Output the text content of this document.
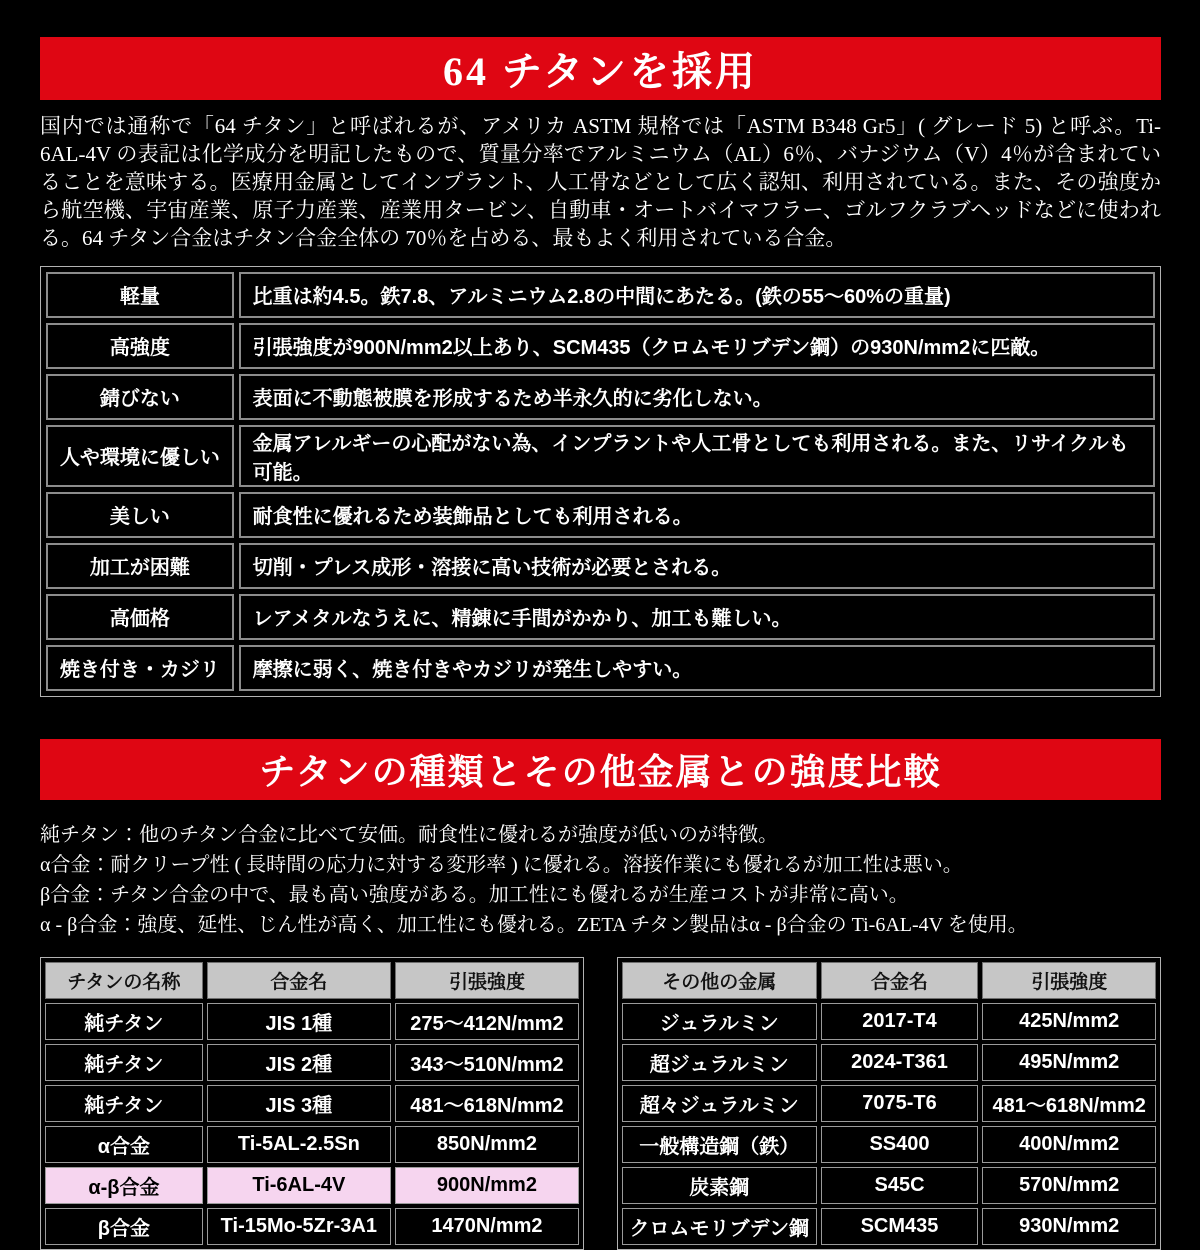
64 チタンを採用

国内では通称で「64 チタン」と呼ばれるが、アメリカ ASTM 規格では「ASTM B348 Gr5」( グレード 5) と呼ぶ。Ti-6AL-4V の表記は化学成分を明記したもので、質量分率でアルミニウム（AL）6％、バナジウム（V）4％が含まれていることを意味する。医療用金属としてインプラント、人工骨などとして広く認知、利用されている。また、その強度から航空機、宇宙産業、原子力産業、産業用タービン、自動車・オートバイマフラー、ゴルフクラブヘッドなどに使われる。64 チタン合金はチタン合金全体の 70％を占める、最もよく利用されている合金。

軽量	比重は約4.5。鉄7.8、アルミニウム2.8の中間にあたる。(鉄の55〜60%の重量)
高強度	引張強度が900N/mm2以上あり、SCM435（クロムモリブデン鋼）の930N/mm2に匹敵。
錆びない	表面に不動態被膜を形成するため半永久的に劣化しない。
人や環境に優しい	金属アレルギーの心配がない為、インプラントや人工骨としても利用される。また、リサイクルも可能。
美しい	耐食性に優れるため装飾品としても利用される。
加工が困難	切削・プレス成形・溶接に高い技術が必要とされる。
高価格	レアメタルなうえに、精錬に手間がかかり、加工も難しい。
焼き付き・カジリ	摩擦に弱く、焼き付きやカジリが発生しやすい。
チタンの種類とその他金属との強度比較
純チタン：他のチタン合金に比べて安価。耐食性に優れるが強度が低いのが特徴。
α合金：耐クリープ性 ( 長時間の応力に対する変形率 ) に優れる。溶接作業にも優れるが加工性は悪い。
β合金：チタン合金の中で、最も高い強度がある。加工性にも優れるが生産コストが非常に高い。
α - β合金：強度、延性、じん性が高く、加工性にも優れる。ZETA チタン製品はα - β合金の Ti-6AL-4V を使用。
チタンの名称	合金名	引張強度
純チタン	JIS 1種	275〜412N/mm2
純チタン	JIS 2種	343〜510N/mm2
純チタン	JIS 3種	481〜618N/mm2
α合金	Ti-5AL-2.5Sn	850N/mm2
α-β合金	Ti-6AL-4V	900N/mm2
β合金	Ti-15Mo-5Zr-3A1	1470N/mm2
その他の金属	合金名	引張強度
ジュラルミン	2017-T4	425N/mm2
超ジュラルミン	2024-T361	495N/mm2
超々ジュラルミン	7075-T6	481〜618N/mm2
一般構造鋼（鉄）	SS400	400N/mm2
炭素鋼	S45C	570N/mm2
クロムモリブデン鋼	SCM435	930N/mm2
